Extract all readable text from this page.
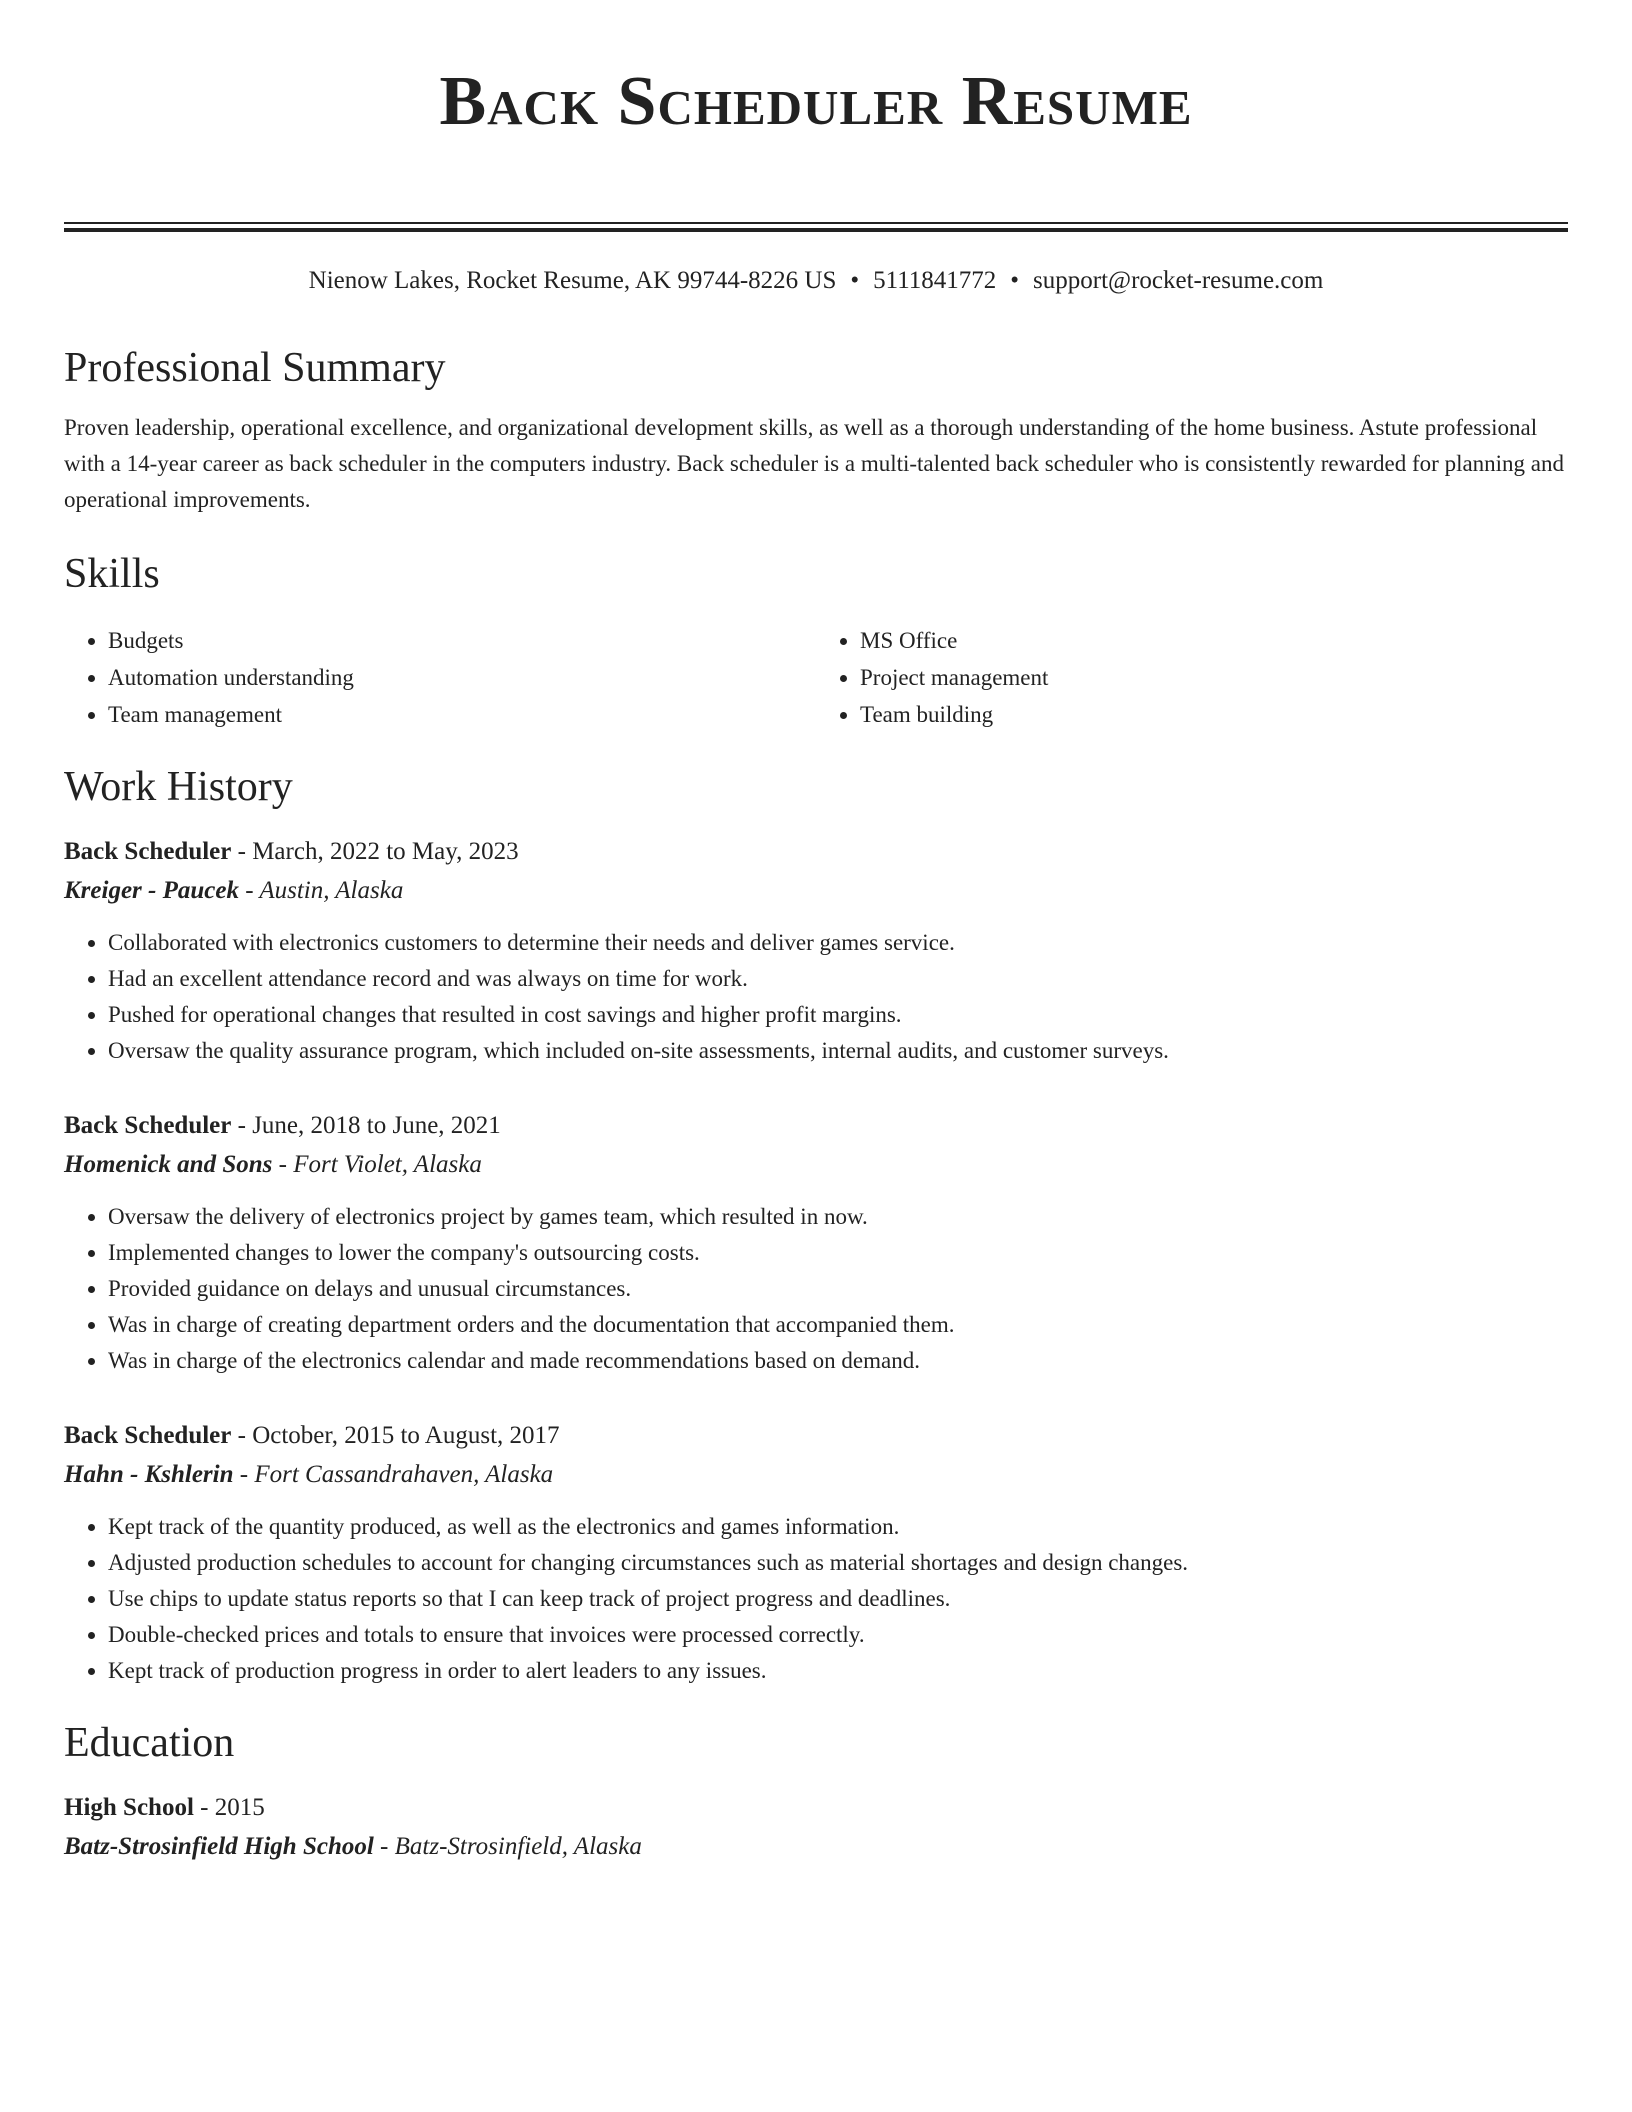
Back Scheduler Resume
Nienow Lakes, Rocket Resume, AK 99744-8226 US • 5111841772 • support@rocket-resume.com
Professional Summary

Proven leadership, operational excellence, and organizational development skills, as well as a thorough understanding of the home business. Astute professional with a 14-year career as back scheduler in the computers industry. Back scheduler is a multi-talented back scheduler who is consistently rewarded for planning and operational improvements.

Skills
• Budgets
• Automation understanding
• Team management
• MS Office
• Project management
• Team building
Work History
Back Scheduler - March, 2022 to May, 2023
Kreiger - Paucek - Austin, Alaska
• Collaborated with electronics customers to determine their needs and deliver games service.
• Had an excellent attendance record and was always on time for work.
• Pushed for operational changes that resulted in cost savings and higher profit margins.
• Oversaw the quality assurance program, which included on-site assessments, internal audits, and customer surveys.
Back Scheduler - June, 2018 to June, 2021
Homenick and Sons - Fort Violet, Alaska
• Oversaw the delivery of electronics project by games team, which resulted in now.
• Implemented changes to lower the company's outsourcing costs.
• Provided guidance on delays and unusual circumstances.
• Was in charge of creating department orders and the documentation that accompanied them.
• Was in charge of the electronics calendar and made recommendations based on demand.
Back Scheduler - October, 2015 to August, 2017
Hahn - Kshlerin - Fort Cassandrahaven, Alaska
• Kept track of the quantity produced, as well as the electronics and games information.
• Adjusted production schedules to account for changing circumstances such as material shortages and design changes.
• Use chips to update status reports so that I can keep track of project progress and deadlines.
• Double-checked prices and totals to ensure that invoices were processed correctly.
• Kept track of production progress in order to alert leaders to any issues.
Education
High School - 2015
Batz-Strosinfield High School - Batz-Strosinfield, Alaska
